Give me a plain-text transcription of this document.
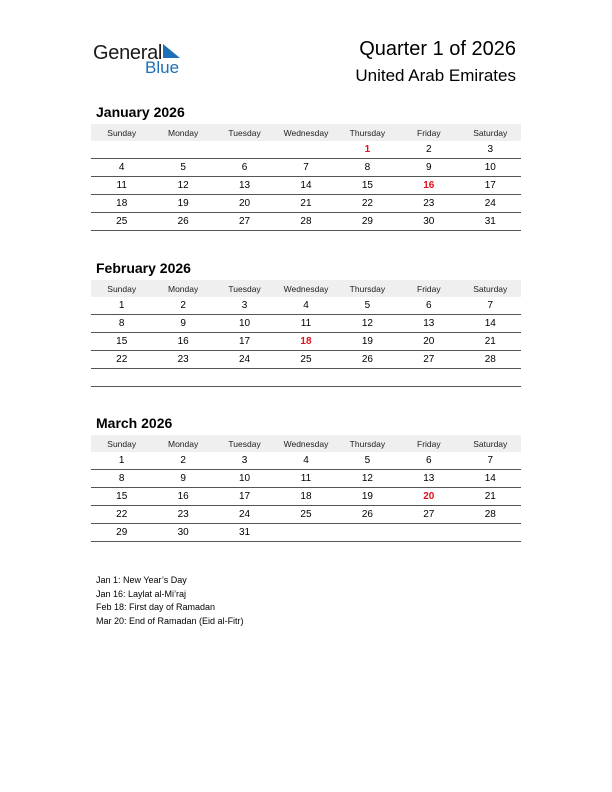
General
Blue
Quarter 1 of 2026
United Arab Emirates
January 2026
Sunday	Monday	Tuesday	Wednesday	Thursday	Friday	Saturday
				1	2	3
4	5	6	7	8	9	10
11	12	13	14	15	16	17
18	19	20	21	22	23	24
25	26	27	28	29	30	31
February 2026
Sunday	Monday	Tuesday	Wednesday	Thursday	Friday	Saturday
1	2	3	4	5	6	7
8	9	10	11	12	13	14
15	16	17	18	19	20	21
22	23	24	25	26	27	28

March 2026
Sunday	Monday	Tuesday	Wednesday	Thursday	Friday	Saturday
1	2	3	4	5	6	7
8	9	10	11	12	13	14
15	16	17	18	19	20	21
22	23	24	25	26	27	28
29	30	31				
Jan 1: New Year’s Day
Jan 16: Laylat al-Mi’raj
Feb 18: First day of Ramadan
Mar 20: End of Ramadan (Eid al-Fitr)
